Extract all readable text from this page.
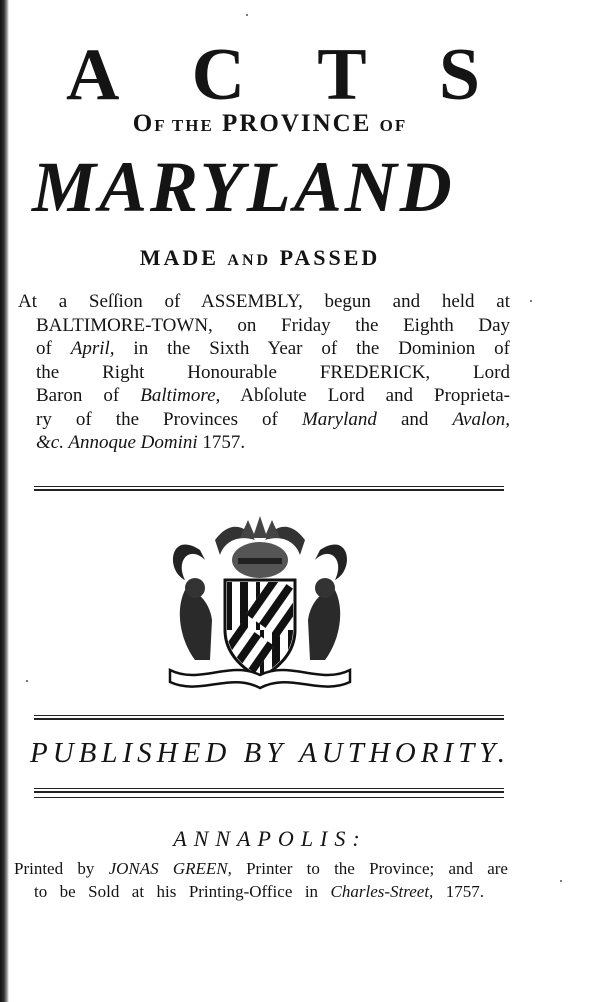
A C T S
OF THE PROVINCE OF
MARYLAND
MADE AND PASSED
At a Seſſion of ASSEMBLY, begun and held at
BALTIMORE-TOWN, on Friday the Eighth Day
of April, in the Sixth Year of the Dominion of
the Right Honourable FREDERICK, Lord
Baron of Baltimore, Abſolute Lord and Proprieta-
ry of the Provinces of Maryland and Avalon,
&c. Annoque Domini 1757.
PUBLISHED BY AUTHORITY.
ANNAPOLIS:
Printed by JONAS GREEN, Printer to the Province; and are
to be Sold at his Printing-Office in Charles-Street, 1757.
